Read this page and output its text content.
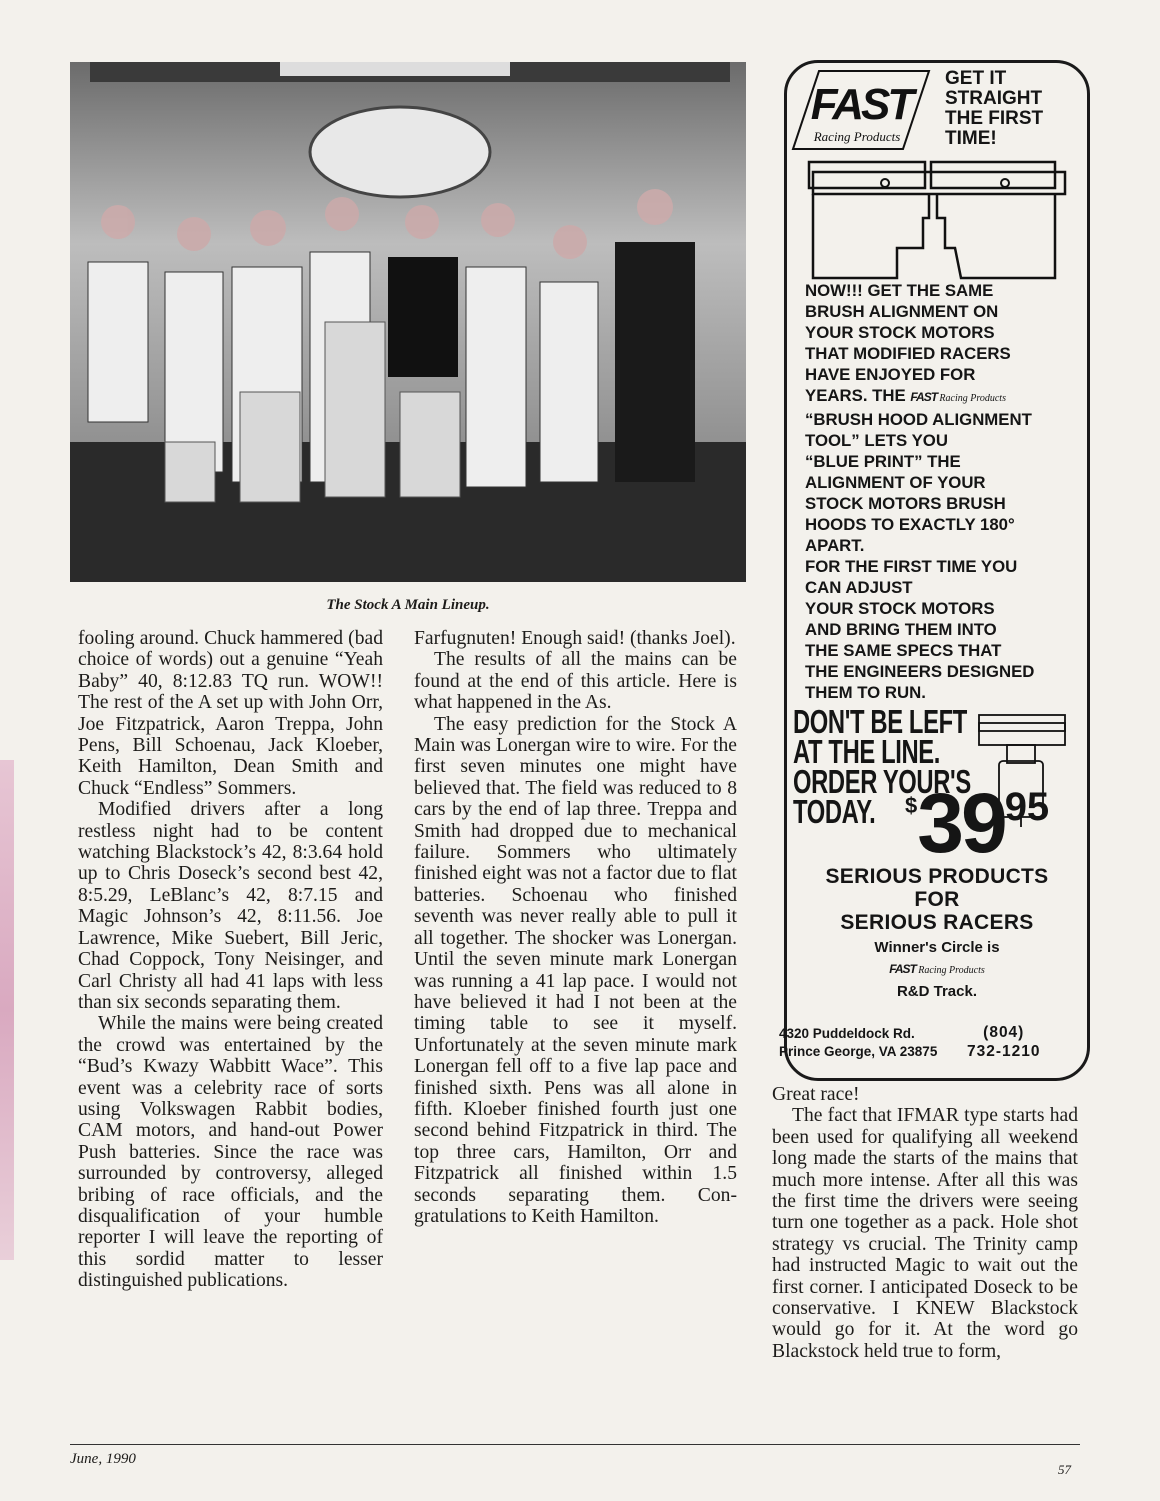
The Stock A Main Lineup.

fooling around. Chuck hammered (bad choice of words) out a genuine “Yeah Baby” 40, 8:12.83 TQ run. WOW!! The rest of the A set up with John Orr, Joe Fitzpatrick, Aaron Treppa, John Pens, Bill Schoenau, Jack Kloeber, Keith Hamilton, Dean Smith and Chuck “Endless” Sommers.

Modified drivers after a long restless night had to be content watching Blackstock’s 42, 8:3.64 hold up to Chris Doseck’s second best 42, 8:5.29, LeBlanc’s 42, 8:7.15 and Magic Johnson’s 42, 8:11.56. Joe Lawrence, Mike Suebert, Bill Jeric, Chad Coppock, Tony Neisinger, and Carl Christy all had 41 laps with less than six seconds separating them.

While the mains were being created the crowd was entertained by the “Bud’s Kwazy Wabbitt Wace”. This event was a celebrity race of sorts using Volkswagen Rabbit bodies, CAM motors, and hand-out Power Push batteries. Since the race was surrounded by controversy, alleged bribing of race officials, and the disqualification of your humble reporter I will leave the reporting of this sordid matter to lesser distinguished publications.

Farfugnuten! Enough said! (thanks Joel).

The results of all the mains can be found at the end of this article. Here is what happened in the As.

The easy prediction for the Stock A Main was Lonergan wire to wire. For the first seven minutes one might have believed that. The field was reduced to 8 cars by the end of lap three. Treppa and Smith had dropped due to mechanical failure. Sommers who ultimately finished eight was not a factor due to flat batteries. Schoenau who finished seventh was never really able to pull it all together. The shocker was Lonergan. Until the seven minute mark Lonergan was running a 41 lap pace. I would not have believed it had I not been at the timing table to see it myself. Unfortunately at the seven minute mark Lonergan fell off to a five lap pace and finished sixth. Pens was all alone in fifth. Kloeber finished fourth just one second behind Fitzpatrick in third. The top three cars, Hamilton, Orr and Fitzpatrick all finished within 1.5 seconds separating them. Congratulations to Keith Hamilton.

Great race!

The fact that IFMAR type starts had been used for qualifying all weekend long made the starts of the mains that much more intense. After all this was the first time the drivers were seeing turn one together as a pack. Hole shot strategy vs crucial. The Trinity camp had instructed Magic to wait out the first corner. I anticipated Doseck to be conservative. I KNEW Blackstock would go for it. At the word go Blackstock held true to form,

FAST
Racing Products
GET IT
STRAIGHT
THE FIRST
TIME!
NOW!!! GET THE SAME
BRUSH ALIGNMENT ON
YOUR STOCK MOTORS
THAT MODIFIED RACERS
HAVE ENJOYED FOR
YEARS. THE FAST Racing Products
“BRUSH HOOD ALIGNMENT
TOOL” LETS YOU
“BLUE PRINT” THE
ALIGNMENT OF YOUR
STOCK MOTORS BRUSH
HOODS TO EXACTLY 180°
APART.
FOR THE FIRST TIME YOU
CAN ADJUST
YOUR STOCK MOTORS
AND BRING THEM INTO
THE SAME SPECS THAT
THE ENGINEERS DESIGNED
THEM TO RUN.
DON'T BE LEFT
AT THE LINE.
ORDER YOUR'S
TODAY.	$3995
SERIOUS PRODUCTS
FOR
SERIOUS RACERS
Winner's Circle is
FAST Racing Products
R&D Track.
4320 Puddeldock Rd.
Prince George, VA 23875
(804)
732-1210
June, 1990
57
